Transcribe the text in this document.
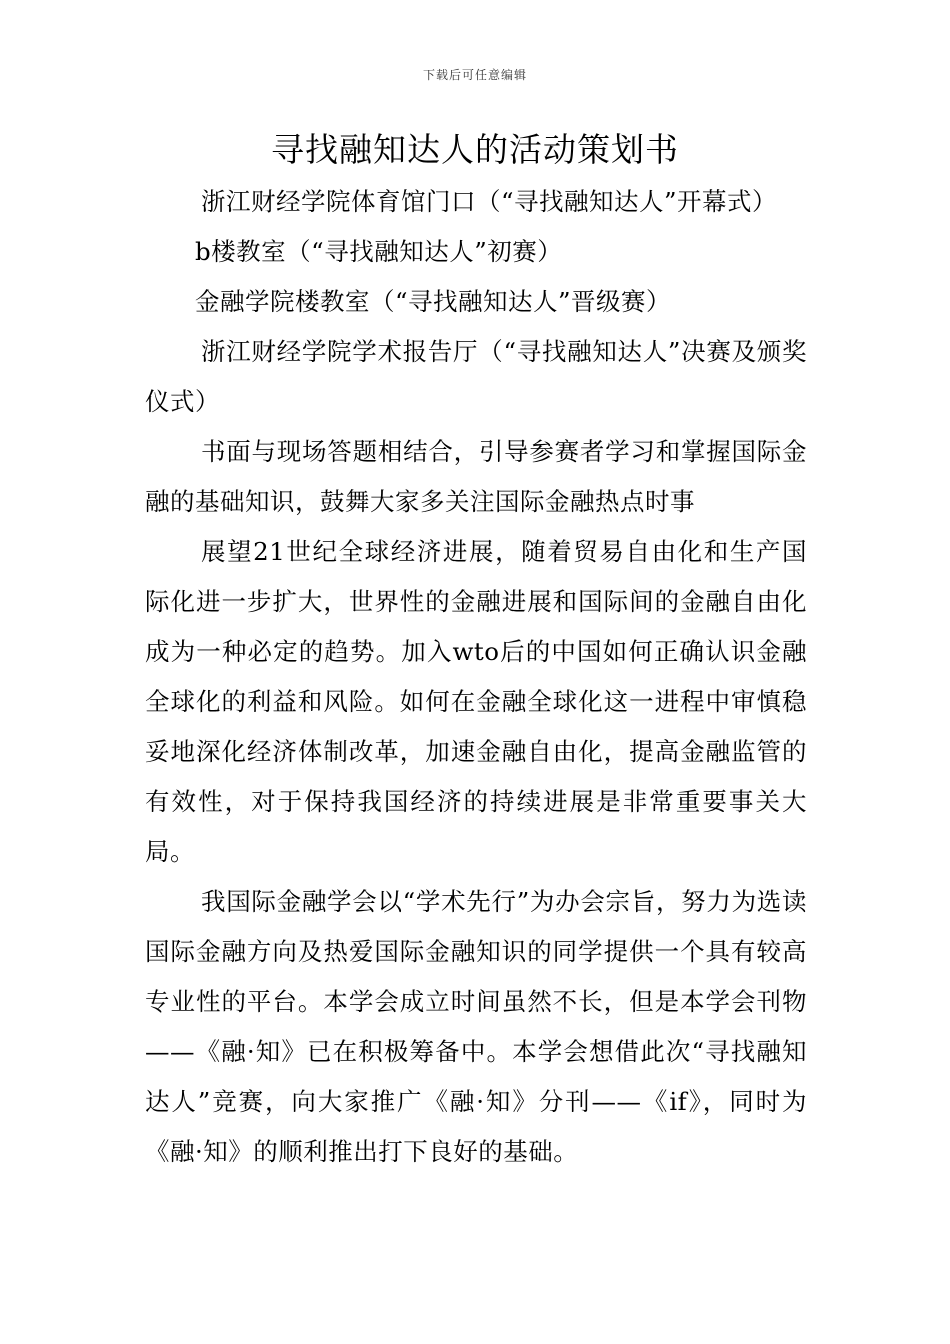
下载后可任意编辑
寻找融知达人的活动策划书

浙江财经学院体育馆门口（“寻找融知达人”开幕式）

b楼教室（“寻找融知达人”初赛）

金融学院楼教室（“寻找融知达人”晋级赛）

浙江财经学院学术报告厅（“寻找融知达人”决赛及颁奖仪式）

书面与现场答题相结合，引导参赛者学习和掌握国际金融的基础知识，鼓舞大家多关注国际金融热点时事

展望21世纪全球经济进展，随着贸易自由化和生产国际化进一步扩大，世界性的金融进展和国际间的金融自由化成为一种必定的趋势。加入wto后的中国如何正确认识金融全球化的利益和风险。如何在金融全球化这一进程中审慎稳妥地深化经济体制改革，加速金融自由化，提高金融监管的有效性，对于保持我国经济的持续进展是非常重要事关大局。

我国际金融学会以“学术先行”为办会宗旨，努力为选读国际金融方向及热爱国际金融知识的同学提供一个具有较高专业性的平台。本学会成立时间虽然不长，但是本学会刊物——《融·知》已在积极筹备中。本学会想借此次“寻找融知达人”竞赛，向大家推广《融·知》分刊——《if》，同时为《融·知》的顺利推出打下良好的基础。
